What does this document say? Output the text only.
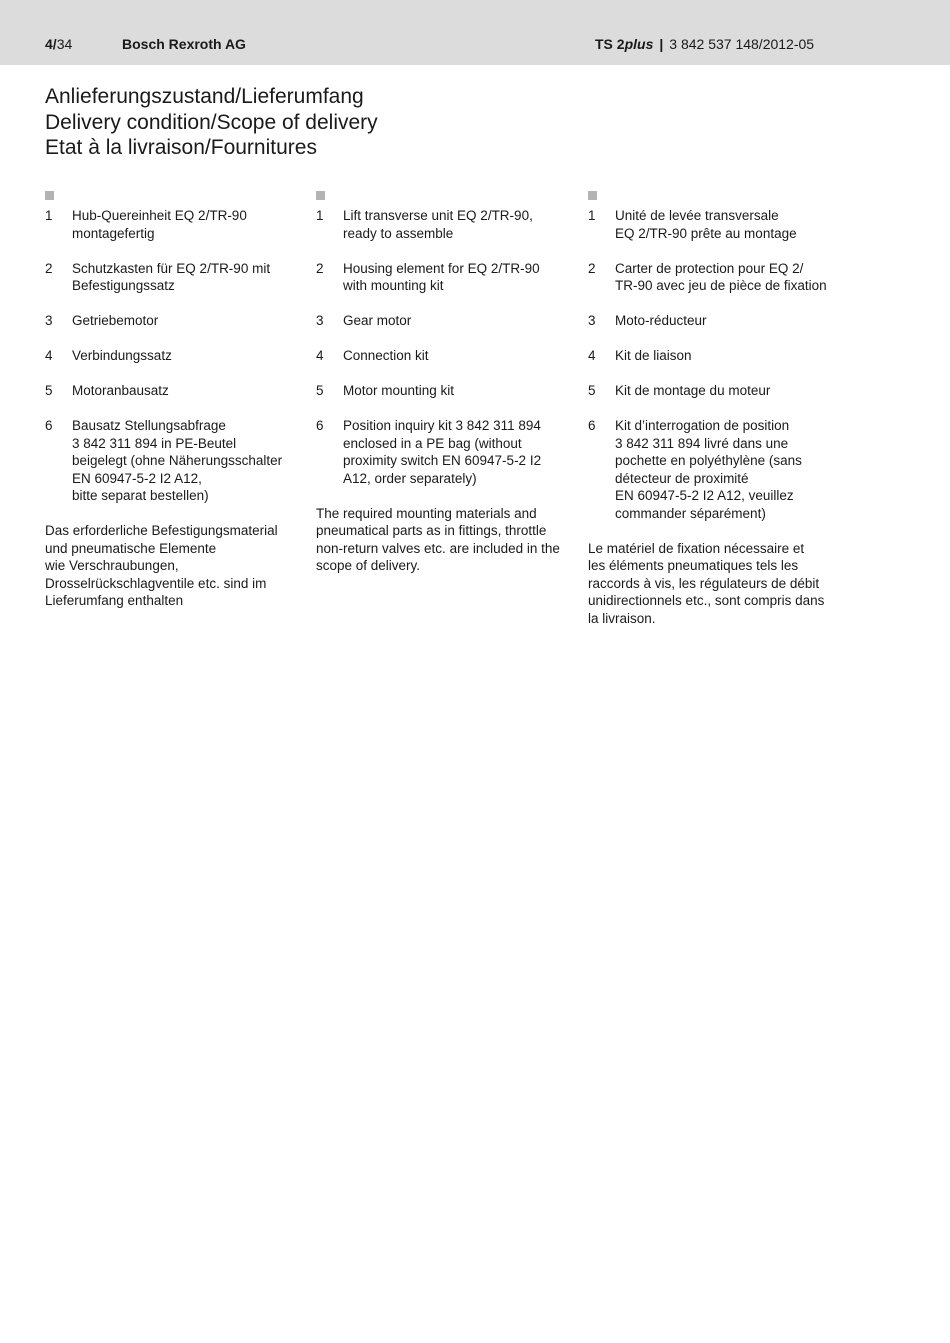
4/34	Bosch Rexroth AG	TS 2plus | 3 842 537 148/2012-05
Anlieferungszustand/Lieferumfang
Delivery condition/Scope of delivery
Etat à la livraison/Fournitures
1	Hub-Quereinheit EQ 2/TR-90
montagefertig
2	Schutzkasten für EQ 2/TR-90 mit
Befestigungssatz
3	Getriebemotor
4	Verbindungssatz
5	Motoranbausatz
6	Bausatz Stellungsabfrage
3 842 311 894 in PE-Beutel
beigelegt (ohne Näherungsschalter
EN 60947-5-2 I2 A12,
bitte separat bestellen)
Das erforderliche Befestigungsmaterial
und pneumatische Elemente
wie Verschraubungen,
Drosselrückschlagventile etc. sind im
Lieferumfang enthalten
1	Lift transverse unit EQ 2/TR-90,
ready to assemble
2	Housing element for EQ 2/TR-90
with mounting kit
3	Gear motor
4	Connection kit
5	Motor mounting kit
6	Position inquiry kit 3 842 311 894
enclosed in a PE bag (without
proximity switch EN 60947-5-2 I2
A12, order separately)
The required mounting materials and
pneumatical parts as in fittings, throttle
non-return valves etc. are included in the
scope of delivery.
1	Unité de levée transversale
EQ 2/TR-90 prête au montage
2	Carter de protection pour EQ 2/
TR-90 avec jeu de pièce de fixation
3	Moto-réducteur
4	Kit de liaison
5	Kit de montage du moteur
6	Kit d’interrogation de position
3 842 311 894 livré dans une
pochette en polyéthylène (sans
détecteur de proximité
EN 60947-5-2 I2 A12, veuillez
commander séparément)
Le matériel de fixation nécessaire et
les éléments pneumatiques tels les
raccords à vis, les régulateurs de débit
unidirectionnels etc., sont compris dans
la livraison.
